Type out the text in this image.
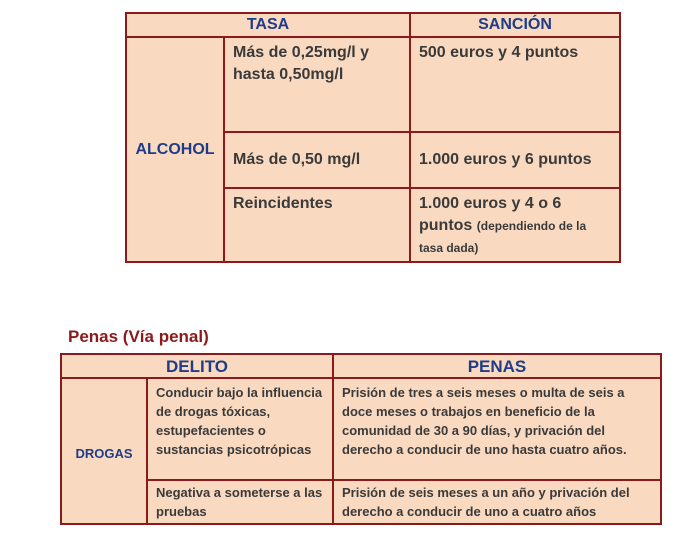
TASA		SANCIÓN
ALCOHOL	Más de 0,25mg/l y hasta 0,50mg/l	500 euros y 4 puntos
	Más de 0,50 mg/l	1.000 euros y 6 puntos
	Reincidentes	1.000 euros y 4 o 6 puntos (dependiendo de la tasa dada)
Penas (Vía penal)
DELITO		PENAS
DROGAS	Conducir bajo la influencia de drogas tóxicas, estupefacientes o sustancias psicotrópicas	Prisión de tres a seis meses o multa de seis a doce meses o trabajos en beneficio de la comunidad de 30 a 90 días, y privación del derecho a conducir de uno hasta cuatro años.
	Negativa a someterse a las pruebas	Prisión de seis meses a un año y privación del derecho a conducir de uno a cuatro años
